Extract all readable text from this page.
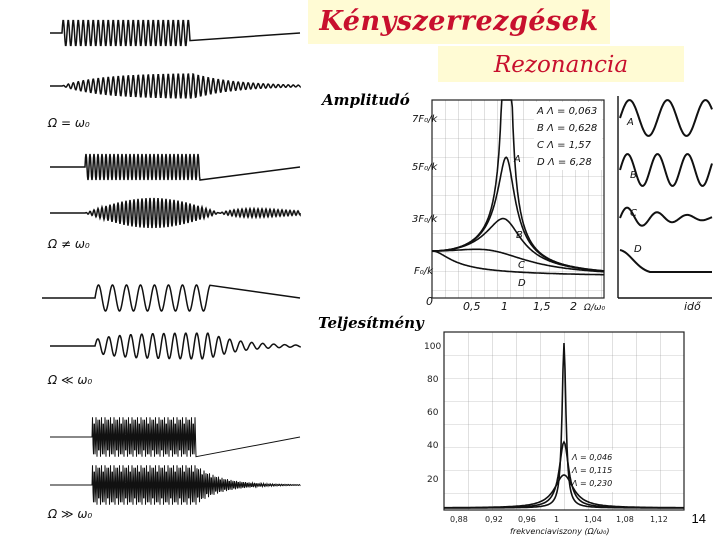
Kényszerrezgések
Rezonancia
Amplitudó
Teljesítmény
14
Ω = ω₀
Ω ≠ ω₀
Ω ≪ ω₀
Ω ≫ ω₀
7F₀/k
5F₀/k
3F₀/k
F₀/k
0	0,5 1 1,5 2 Ω/ω₀
A Λ = 0,063
B Λ = 0,628
C Λ = 1,57
D Λ = 6,28
A
B
C
D
A
B
C
D
idő
100
80
60
40
20
0,88 0,92 0,96 1	1,04 1,08 1,12
frekvenciaviszony (Ω/ω₀)
Λ = 0,046
Λ = 0,115
Λ = 0,230
